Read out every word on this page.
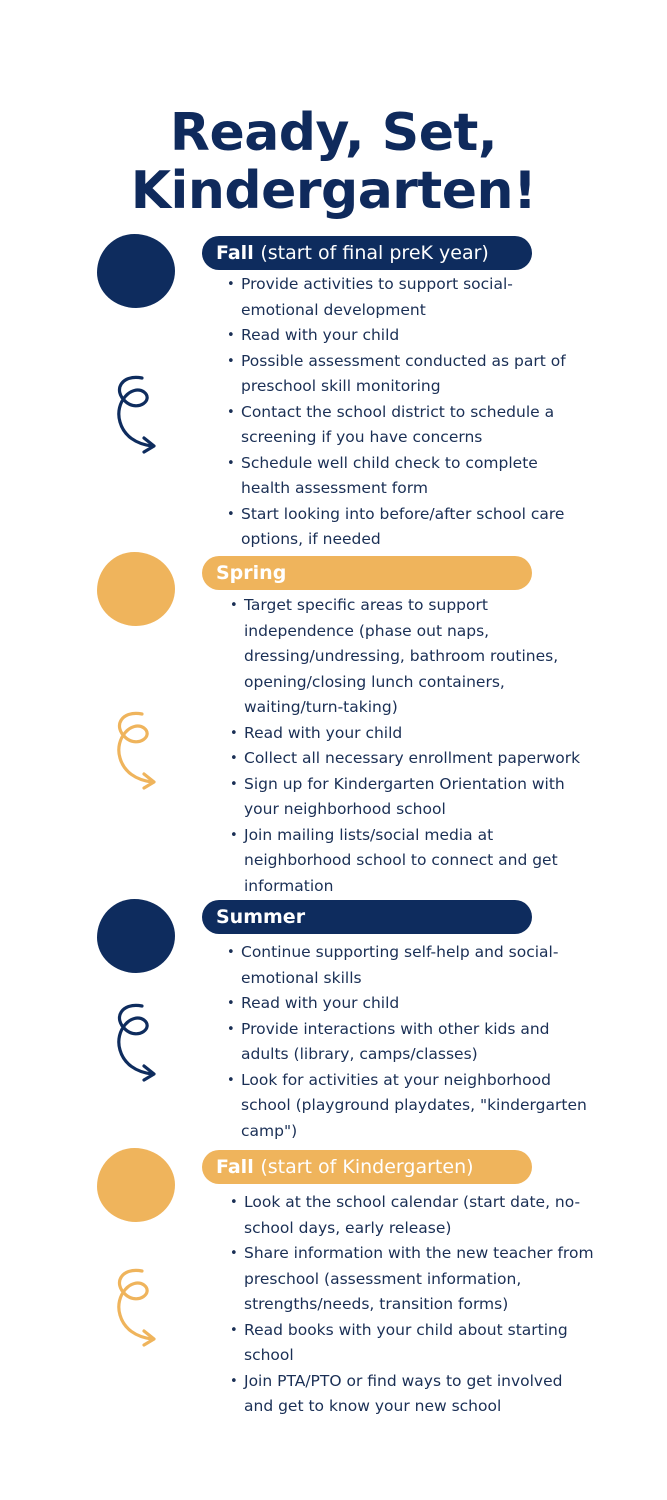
Ready, Set,
Kindergarten!
Fall (start of final preK year)
• Provide activities to support social-emotional development
• Read with your child
• Possible assessment conducted as part of preschool skill monitoring
• Contact the school district to schedule a screening if you have concerns
• Schedule well child check to complete health assessment form
• Start looking into before/after school care options, if needed
Spring
• Target specific areas to support independence (phase out naps, dressing/undressing, bathroom routines, opening/closing lunch containers, waiting/turn-taking)
• Read with your child
• Collect all necessary enrollment paperwork
• Sign up for Kindergarten Orientation with your neighborhood school
• Join mailing lists/social media at neighborhood school to connect and get information
Summer
• Continue supporting self-help and social-emotional skills
• Read with your child
• Provide interactions with other kids and adults (library, camps/classes)
• Look for activities at your neighborhood school (playground playdates, "kindergarten camp")
Fall (start of Kindergarten)
• Look at the school calendar (start date, no-school days, early release)
• Share information with the new teacher from preschool (assessment information, strengths/needs, transition forms)
• Read books with your child about starting school
• Join PTA/PTO or find ways to get involved and get to know your new school
